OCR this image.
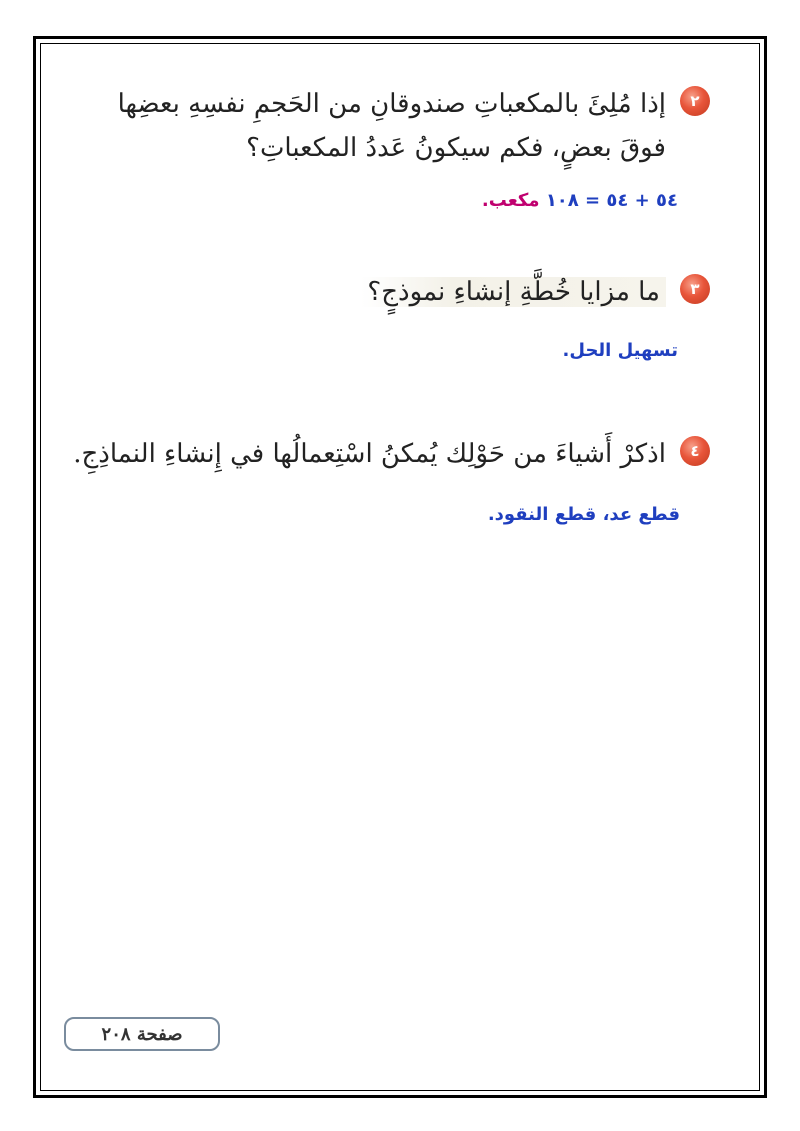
٢
إذا مُلِئَ بالمكعباتِ صندوقانِ من الحَجمِ نفسِهِ بعضِها فوقَ بعضٍ، فكم سيكونُ عَددُ المكعباتِ؟
٥٤ + ٥٤ = ١٠٨ مكعب.
٣
ما مزايا خُطَّةِ إنشاءِ نموذجٍ؟
تسهيل الحل.
٤
اذكرْ أَشياءَ من حَوْلِك يُمكنُ اسْتِعمالُها في إِنشاءِ النماذِجِ.
قطع عد، قطع النقود.
صفحة ٢٠٨
